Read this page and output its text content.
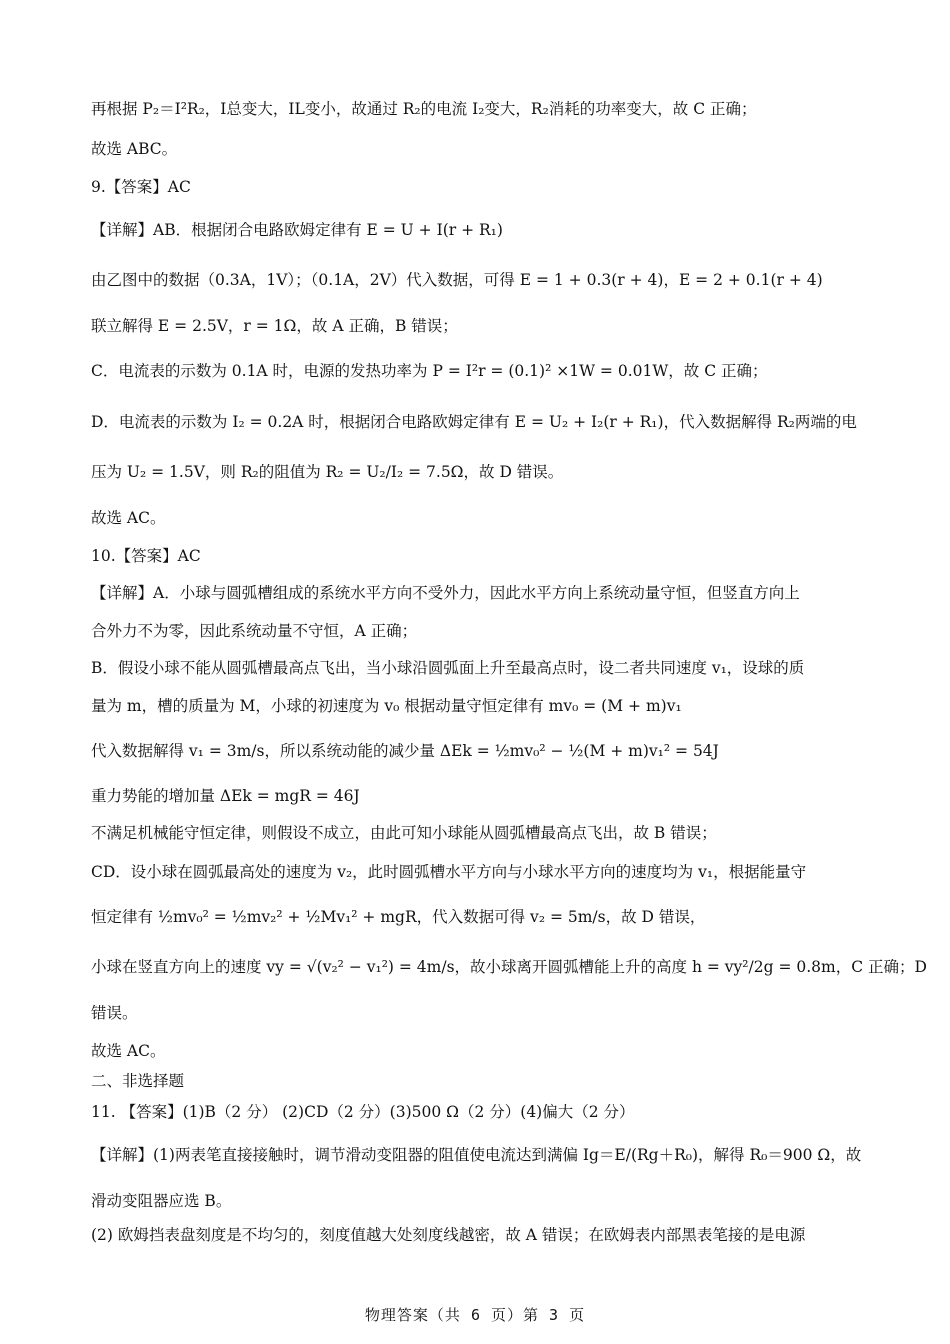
再根据 P₂＝I²R₂，I总变大，IL变小，故通过 R₂的电流 I₂变大，R₂消耗的功率变大，故 C 正确；
故选 ABC。
9.【答案】AC
【详解】AB．根据闭合电路欧姆定律有 E = U + I(r + R₁)
由乙图中的数据（0.3A，1V）；（0.1A，2V）代入数据，可得 E = 1 + 0.3(r + 4)，E = 2 + 0.1(r + 4)
联立解得 E = 2.5V，r = 1Ω，故 A 正确，B 错误；
C．电流表的示数为 0.1A 时，电源的发热功率为 P = I²r = (0.1)² ×1W = 0.01W，故 C 正确；
D．电流表的示数为 I₂ = 0.2A 时，根据闭合电路欧姆定律有 E = U₂ + I₂(r + R₁)，代入数据解得 R₂两端的电
压为 U₂ = 1.5V，则 R₂的阻值为 R₂ = U₂/I₂ = 7.5Ω，故 D 错误。
故选 AC。
10.【答案】AC
【详解】A．小球与圆弧槽组成的系统水平方向不受外力，因此水平方向上系统动量守恒，但竖直方向上
合外力不为零，因此系统动量不守恒，A 正确；
B．假设小球不能从圆弧槽最高点飞出，当小球沿圆弧面上升至最高点时，设二者共同速度 v₁，设球的质
量为 m，槽的质量为 M，小球的初速度为 v₀ 根据动量守恒定律有 mv₀ = (M + m)v₁
代入数据解得 v₁ = 3m/s，所以系统动能的减少量 ΔEk = ½mv₀² − ½(M + m)v₁² = 54J
重力势能的增加量 ΔEk = mgR = 46J
不满足机械能守恒定律，则假设不成立，由此可知小球能从圆弧槽最高点飞出，故 B 错误；
CD．设小球在圆弧最高处的速度为 v₂，此时圆弧槽水平方向与小球水平方向的速度均为 v₁，根据能量守
恒定律有 ½mv₀² = ½mv₂² + ½Mv₁² + mgR，代入数据可得 v₂ = 5m/s，故 D 错误，
小球在竖直方向上的速度 vy = √(v₂² − v₁²) = 4m/s，故小球离开圆弧槽能上升的高度 h = vy²/2g = 0.8m，C 正确；D
错误。
故选 AC。
二、非选择题
11. 【答案】(1)B（2 分） (2)CD（2 分）(3)500 Ω（2 分）(4)偏大（2 分）
【详解】(1)两表笔直接接触时，调节滑动变阻器的阻值使电流达到满偏 Ig＝E/(Rg＋R₀)，解得 R₀＝900 Ω，故
滑动变阻器应选 B。
(2) 欧姆挡表盘刻度是不均匀的，刻度值越大处刻度线越密，故 A 错误；在欧姆表内部黑表笔接的是电源
物理答案（共 6 页）第 3 页
